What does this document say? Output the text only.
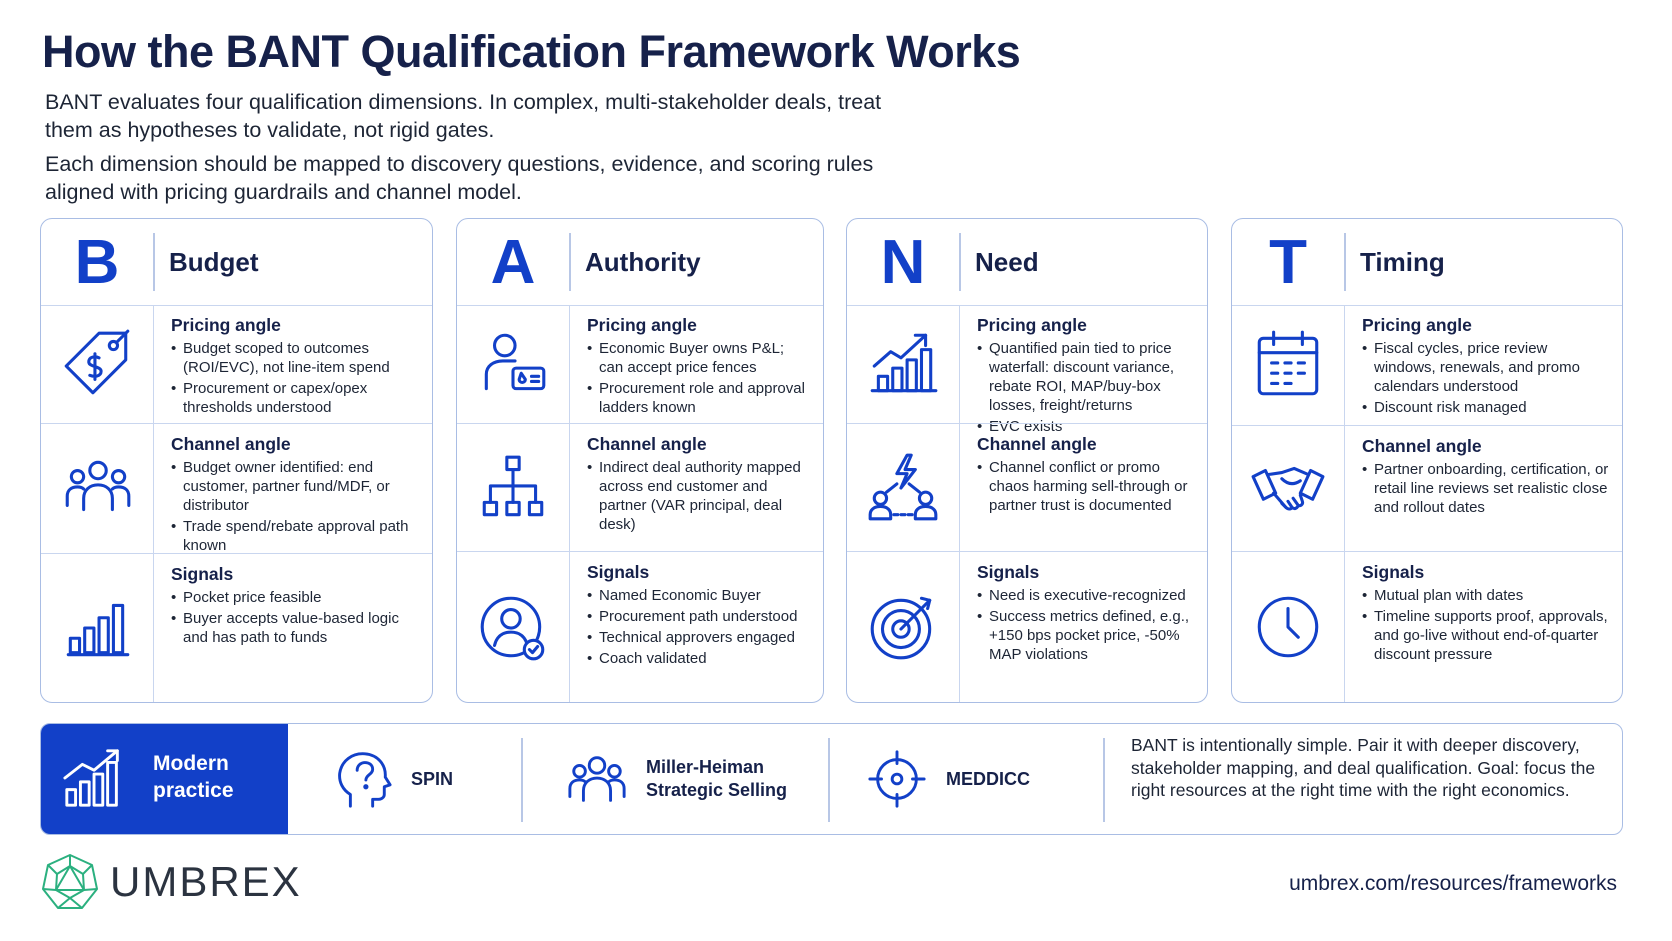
How the BANT Qualification Framework Works
BANT evaluates four qualification dimensions. In complex, multi-stakeholder deals, treat them as hypotheses to validate, not rigid gates.
Each dimension should be mapped to discovery questions, evidence, and scoring rules aligned with pricing guardrails and channel model.
B	Budget
Pricing angle
• Budget scoped to outcomes (ROI/EVC), not line-item spend
• Procurement or capex/opex thresholds understood
Channel angle
• Budget owner identified: end customer, partner fund/MDF, or distributor
• Trade spend/rebate approval path known
Signals
• Pocket price feasible
• Buyer accepts value-based logic and has path to funds
A	Authority
Pricing angle
• Economic Buyer owns P&L; can accept price fences
• Procurement role and approval ladders known
Channel angle
• Indirect deal authority mapped across end customer and partner (VAR principal, deal desk)
Signals
• Named Economic Buyer
• Procurement path understood
• Technical approvers engaged
• Coach validated
N	Need
Pricing angle
• Quantified pain tied to price waterfall: discount variance, rebate ROI, MAP/buy-box losses, freight/returns
• EVC exists
Channel angle
• Channel conflict or promo chaos harming sell-through or partner trust is documented
Signals
• Need is executive-recognized
• Success metrics defined, e.g., +150 bps pocket price, -50% MAP violations
T	Timing
Pricing angle
• Fiscal cycles, price review windows, renewals, and promo calendars understood
• Discount risk managed
Channel angle
• Partner onboarding, certification, or retail line reviews set realistic close and rollout dates
Signals
• Mutual plan with dates
• Timeline supports proof, approvals, and go-live without end-of-quarter discount pressure
Modern practice
SPIN
Miller-Heiman Strategic Selling
MEDDICC
BANT is intentionally simple. Pair it with deeper discovery, stakeholder mapping, and deal qualification. Goal: focus the right resources at the right time with the right economics.
UMBREX	umbrex.com/resources/frameworks
